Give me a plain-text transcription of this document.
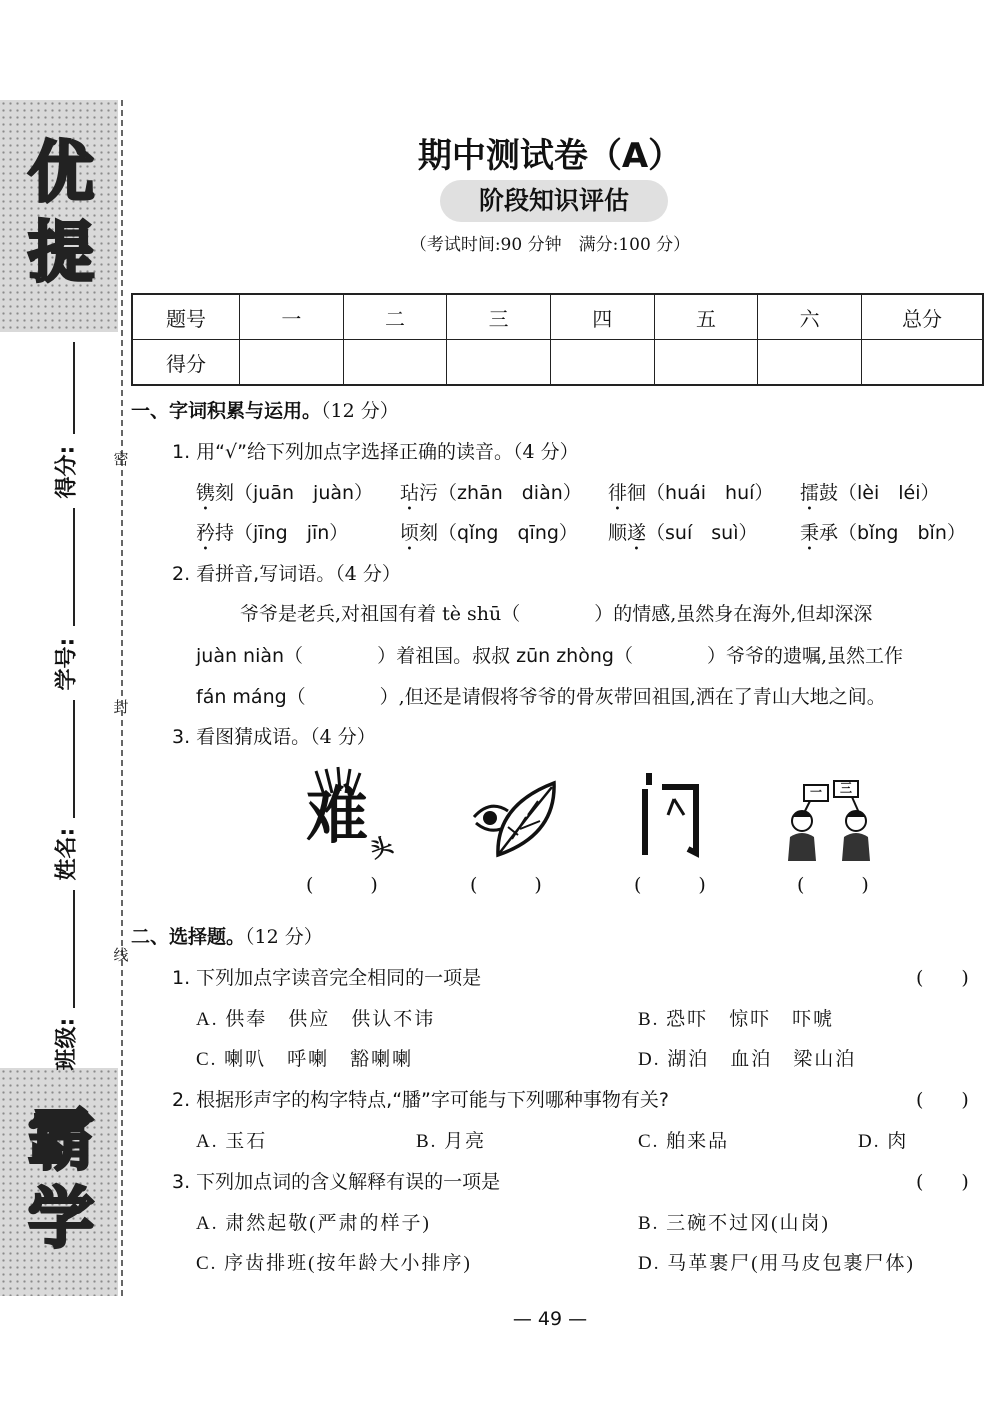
优
提
霸
学
密
封
线
得分:
学号:
姓名:
班级:
期中测试卷（A）
阶段知识评估
（考试时间:90 分钟　满分:100 分）
题号	一	二	三	四	五	六	总分
得分							
一、字词积累与运用。（12 分）
1. 用“√”给下列加点字选择正确的读音。（4 分）
镌刻（juān　juàn） 玷污（zhān　diàn） 徘徊（huái　huí） 擂鼓（lèi　léi）
矜持（jīng　jīn）	顷刻（qǐng　qīng） 顺遂（suí　suì） 秉承（bǐng　bǐn）
2. 看拼音,写词语。（4 分）
爷爷是老兵,对祖国有着 tè shū（	）的情感,虽然身在海外,但却深深
juàn niàn（	）着祖国。叔叔 zūn zhòng（	）爷爷的遗嘱,虽然工作
fán máng（	）,但还是请假将爷爷的骨灰带回祖国,洒在了青山大地之间。
3. 看图猜成语。（4 分）
难 头
一 三
(　　　)	(　　　)	(　　　)	(　　　)
二、选择题。（12 分）
1. 下列加点字读音完全相同的一项是	(　　)
A. 供奉　供应　供认不讳	B. 恐吓　惊吓　吓唬
C. 喇叭　呼喇　豁喇喇	D. 湖泊　血泊　梁山泊
2. 根据形声字的构字特点,“膰”字可能与下列哪种事物有关?	(　　)
A. 玉石	B. 月亮	C. 舶来品	D. 肉
3. 下列加点词的含义解释有误的一项是	(　　)
A. 肃然起敬(严肃的样子)	B. 三碗不过冈(山岗)
C. 序齿排班(按年龄大小排序)	D. 马革裹尸(用马皮包裹尸体)
— 49 —
